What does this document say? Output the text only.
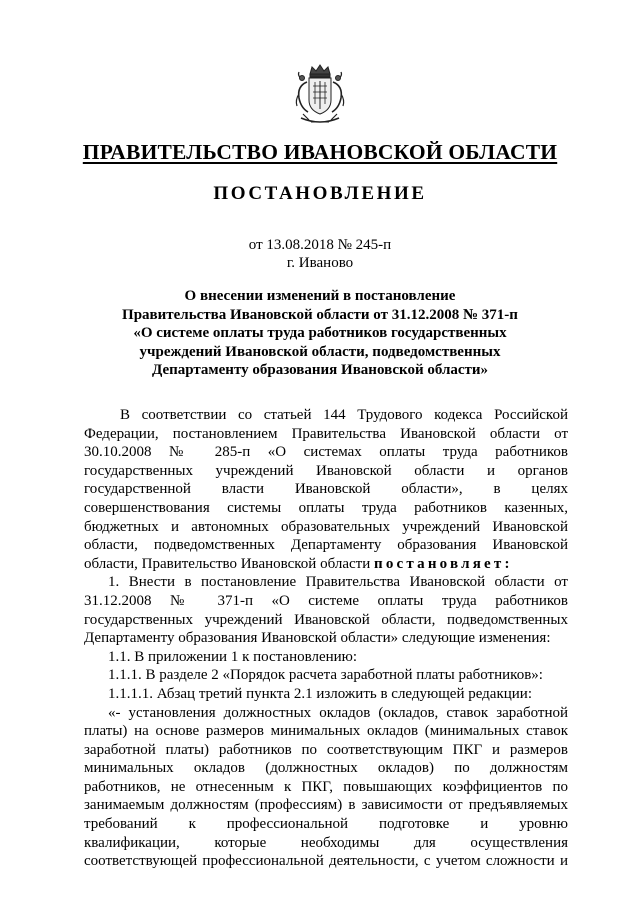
ПРАВИТЕЛЬСТВО ИВАНОВСКОЙ ОБЛАСТИ
ПОСТАНОВЛЕНИЕ
от 13.08.2018 № 245-п
г. Иваново
О внесении изменений в постановление
Правительства Ивановской области от 31.12.2008 № 371-п
«О системе оплаты труда работников государственных
учреждений Ивановской области, подведомственных
Департаменту образования Ивановской области»
В соответствии со статьей 144 Трудового кодекса Российской
Федерации, постановлением Правительства Ивановской области от
30.10.2008 № 285-п «О системах оплаты труда работников
государственных учреждений Ивановской области и органов
государственной власти Ивановской области», в целях
совершенствования системы оплаты труда работников казенных,
бюджетных и автономных образовательных учреждений Ивановской
области, подведомственных Департаменту образования Ивановской
области, Правительство Ивановской области постановляет:
1. Внести в постановление Правительства Ивановской области от
31.12.2008 № 371-п «О системе оплаты труда работников
государственных учреждений Ивановской области, подведомственных
Департаменту образования Ивановской области» следующие изменения:
1.1. В приложении 1 к постановлению:
1.1.1. В разделе 2 «Порядок расчета заработной платы работников»:
1.1.1.1. Абзац третий пункта 2.1 изложить в следующей редакции:
«- установления должностных окладов (окладов, ставок заработной
платы) на основе размеров минимальных окладов (минимальных ставок
заработной платы) работников по соответствующим ПКГ и размеров
минимальных окладов (должностных окладов) по должностям
работников, не отнесенным к ПКГ, повышающих коэффициентов по
занимаемым должностям (профессиям) в зависимости от предъявляемых
требований к профессиональной подготовке и уровню
квалификации, которые необходимы для осуществления
соответствующей профессиональной деятельности, с учетом сложности и
